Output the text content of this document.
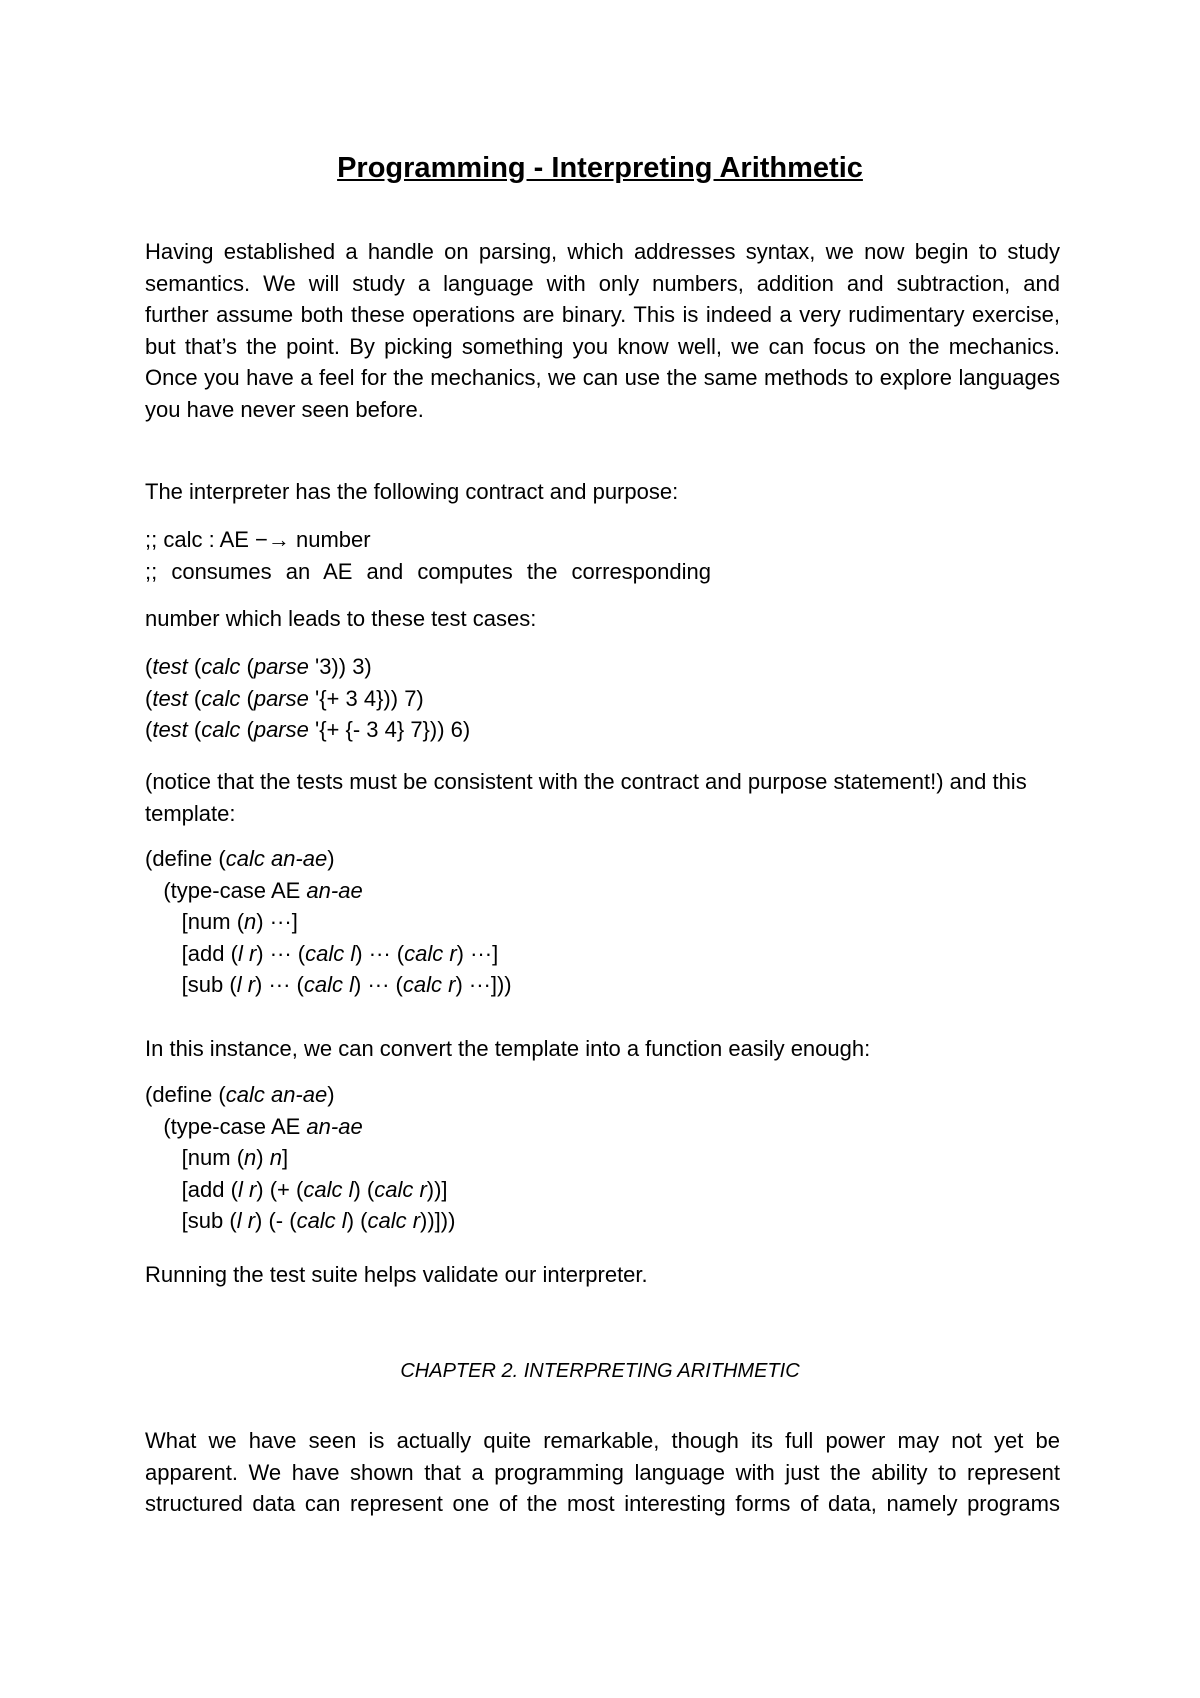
Programming - Interpreting Arithmetic
Having established a handle on parsing, which addresses syntax, we now begin to study
semantics. We will study a language with only numbers, addition and subtraction, and
further assume both these operations are binary. This is indeed a very rudimentary exercise,
but that’s the point. By picking something you know well, we can focus on the mechanics.
Once you have a feel for the mechanics, we can use the same methods to explore languages
you have never seen before.
The interpreter has the following contract and purpose:
;; calc : AE −→ number
;; consumes an AE and computes the corresponding
number which leads to these test cases:
(test (calc (parse '3)) 3)
(test (calc (parse '{+ 3 4})) 7)
(test (calc (parse '{+ {- 3 4} 7})) 6)
(notice that the tests must be consistent with the contract and purpose statement!) and this
template:
(define (calc an-ae)
(type-case AE an-ae
[num (n) ···]
[add (l r) ··· (calc l) ··· (calc r) ···]
[sub (l r) ··· (calc l) ··· (calc r) ···]))
In this instance, we can convert the template into a function easily enough:
(define (calc an-ae)
(type-case AE an-ae
[num (n) n]
[add (l r) (+ (calc l) (calc r))]
[sub (l r) (- (calc l) (calc r))]))
Running the test suite helps validate our interpreter.
CHAPTER 2. INTERPRETING ARITHMETIC
What we have seen is actually quite remarkable, though its full power may not yet be
apparent. We have shown that a programming language with just the ability to represent
structured data can represent one of the most interesting forms of data, namely programs
